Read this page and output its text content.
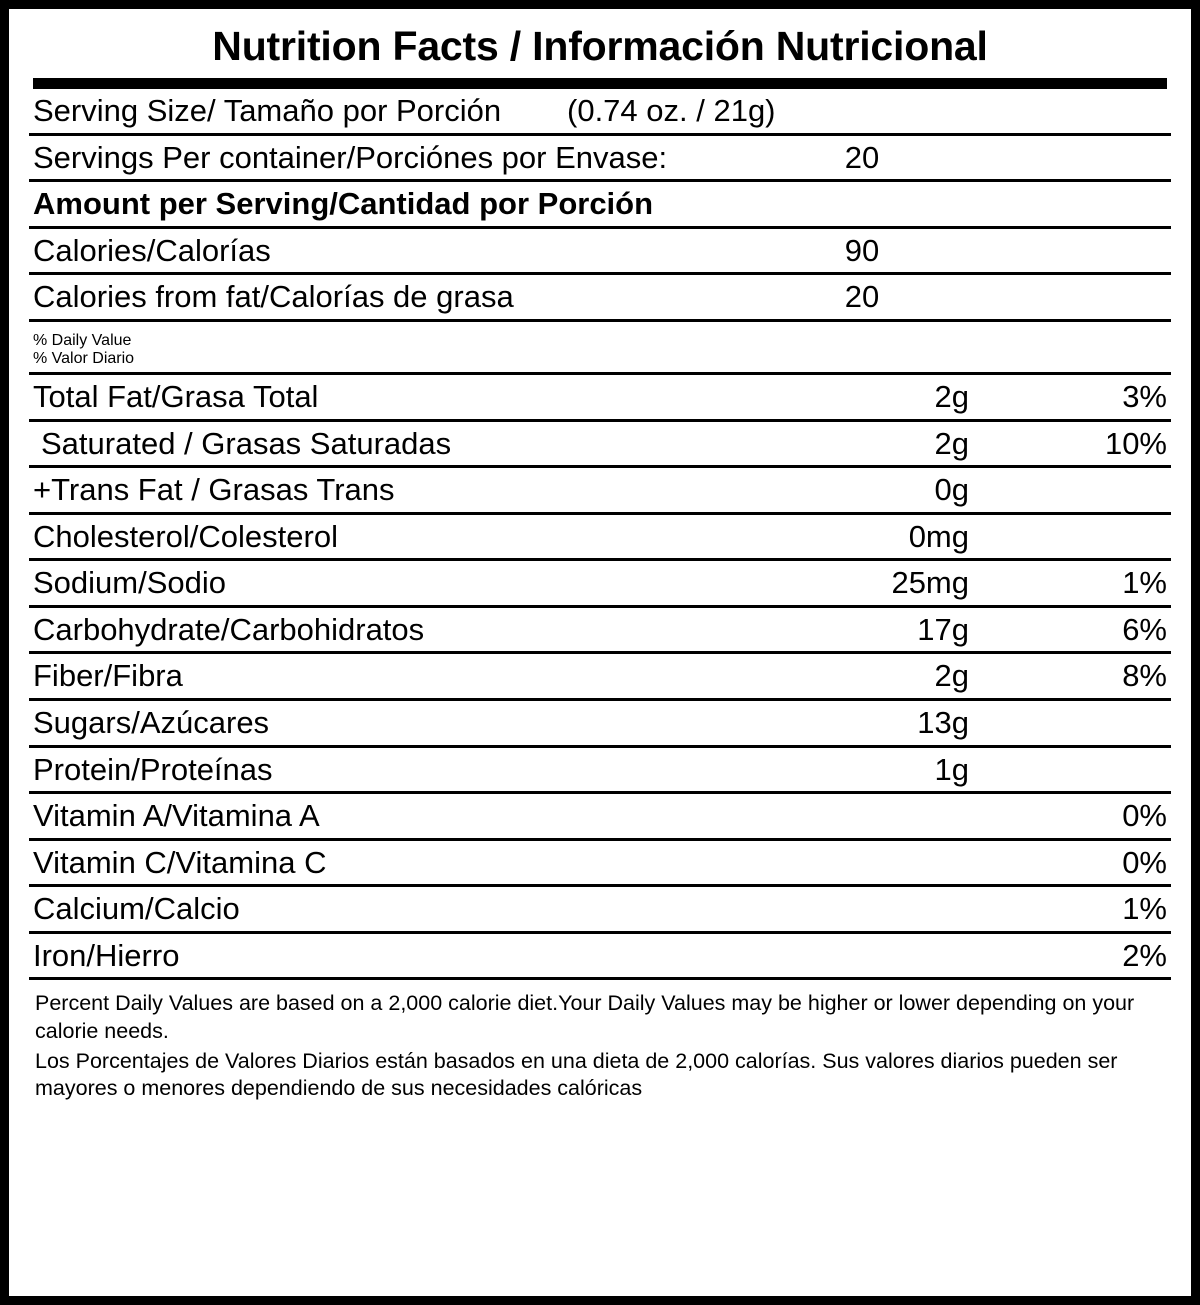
Nutrition Facts / Información Nutricional
Serving Size/ Tamaño por Porción	(0.74 oz. / 21g)
Servings Per container/Porciónes por Envase:	20
Amount per Serving/Cantidad por Porción
Calories/Calorías	90
Calories from fat/Calorías de grasa	20
% Daily Value
% Valor Diario
Total Fat/Grasa Total	2g	3%
Saturated / Grasas Saturadas	2g	10%
+Trans Fat / Grasas Trans	0g
Cholesterol/Colesterol	0mg
Sodium/Sodio	25mg	1%
Carbohydrate/Carbohidratos	17g	6%
Fiber/Fibra	2g	8%
Sugars/Azúcares	13g
Protein/Proteínas	1g
Vitamin A/Vitamina A	0%
Vitamin C/Vitamina C	0%
Calcium/Calcio	1%
Iron/Hierro	2%

Percent Daily Values are based on a 2,000 calorie diet.Your Daily Values may be higher or lower depending on your calorie needs.

Los Porcentajes de Valores Diarios están basados en una dieta de 2,000 calorías. Sus valores diarios pueden ser mayores o menores dependiendo de sus necesidades calóricas
